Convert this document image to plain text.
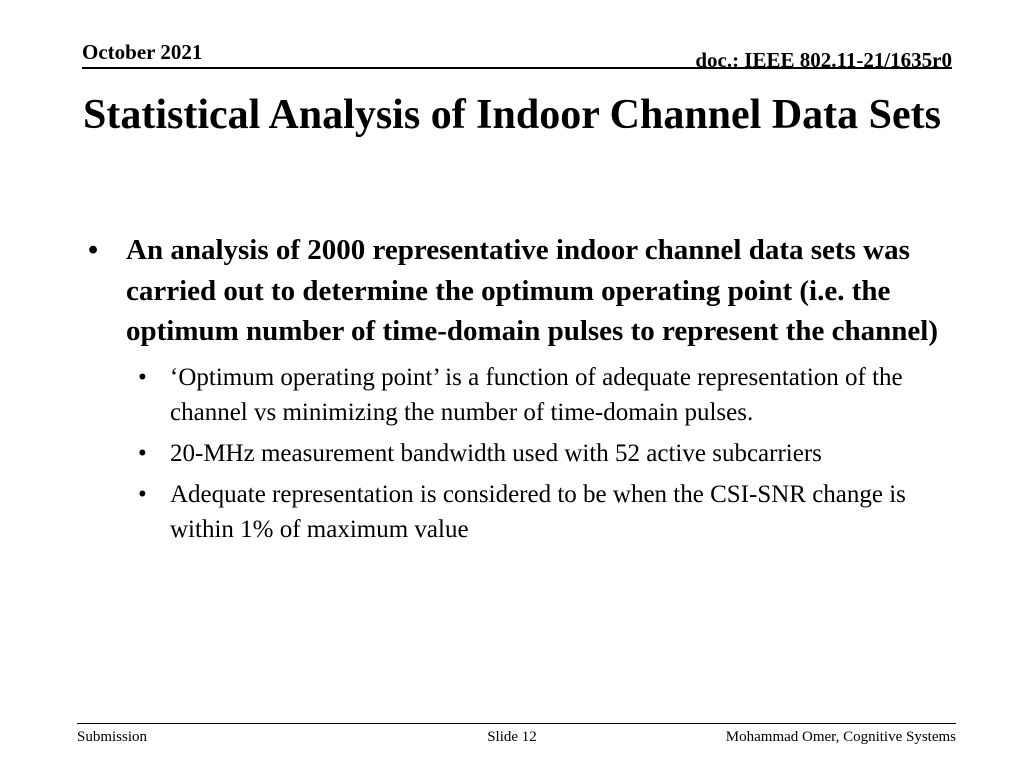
October 2021	doc.: IEEE 802.11-21/1635r0
Statistical Analysis of Indoor Channel Data Sets
• An analysis of 2000 representative indoor channel data sets was carried out to determine the optimum operating point (i.e. the optimum number of time-domain pulses to represent the channel)
• ‘Optimum operating point’ is a function of adequate representation of the channel vs minimizing the number of time-domain pulses.
• 20-MHz measurement bandwidth used with 52 active subcarriers
• Adequate representation is considered to be when the CSI-SNR change is within 1% of maximum value
Submission	Slide 12	Mohammad Omer, Cognitive Systems
